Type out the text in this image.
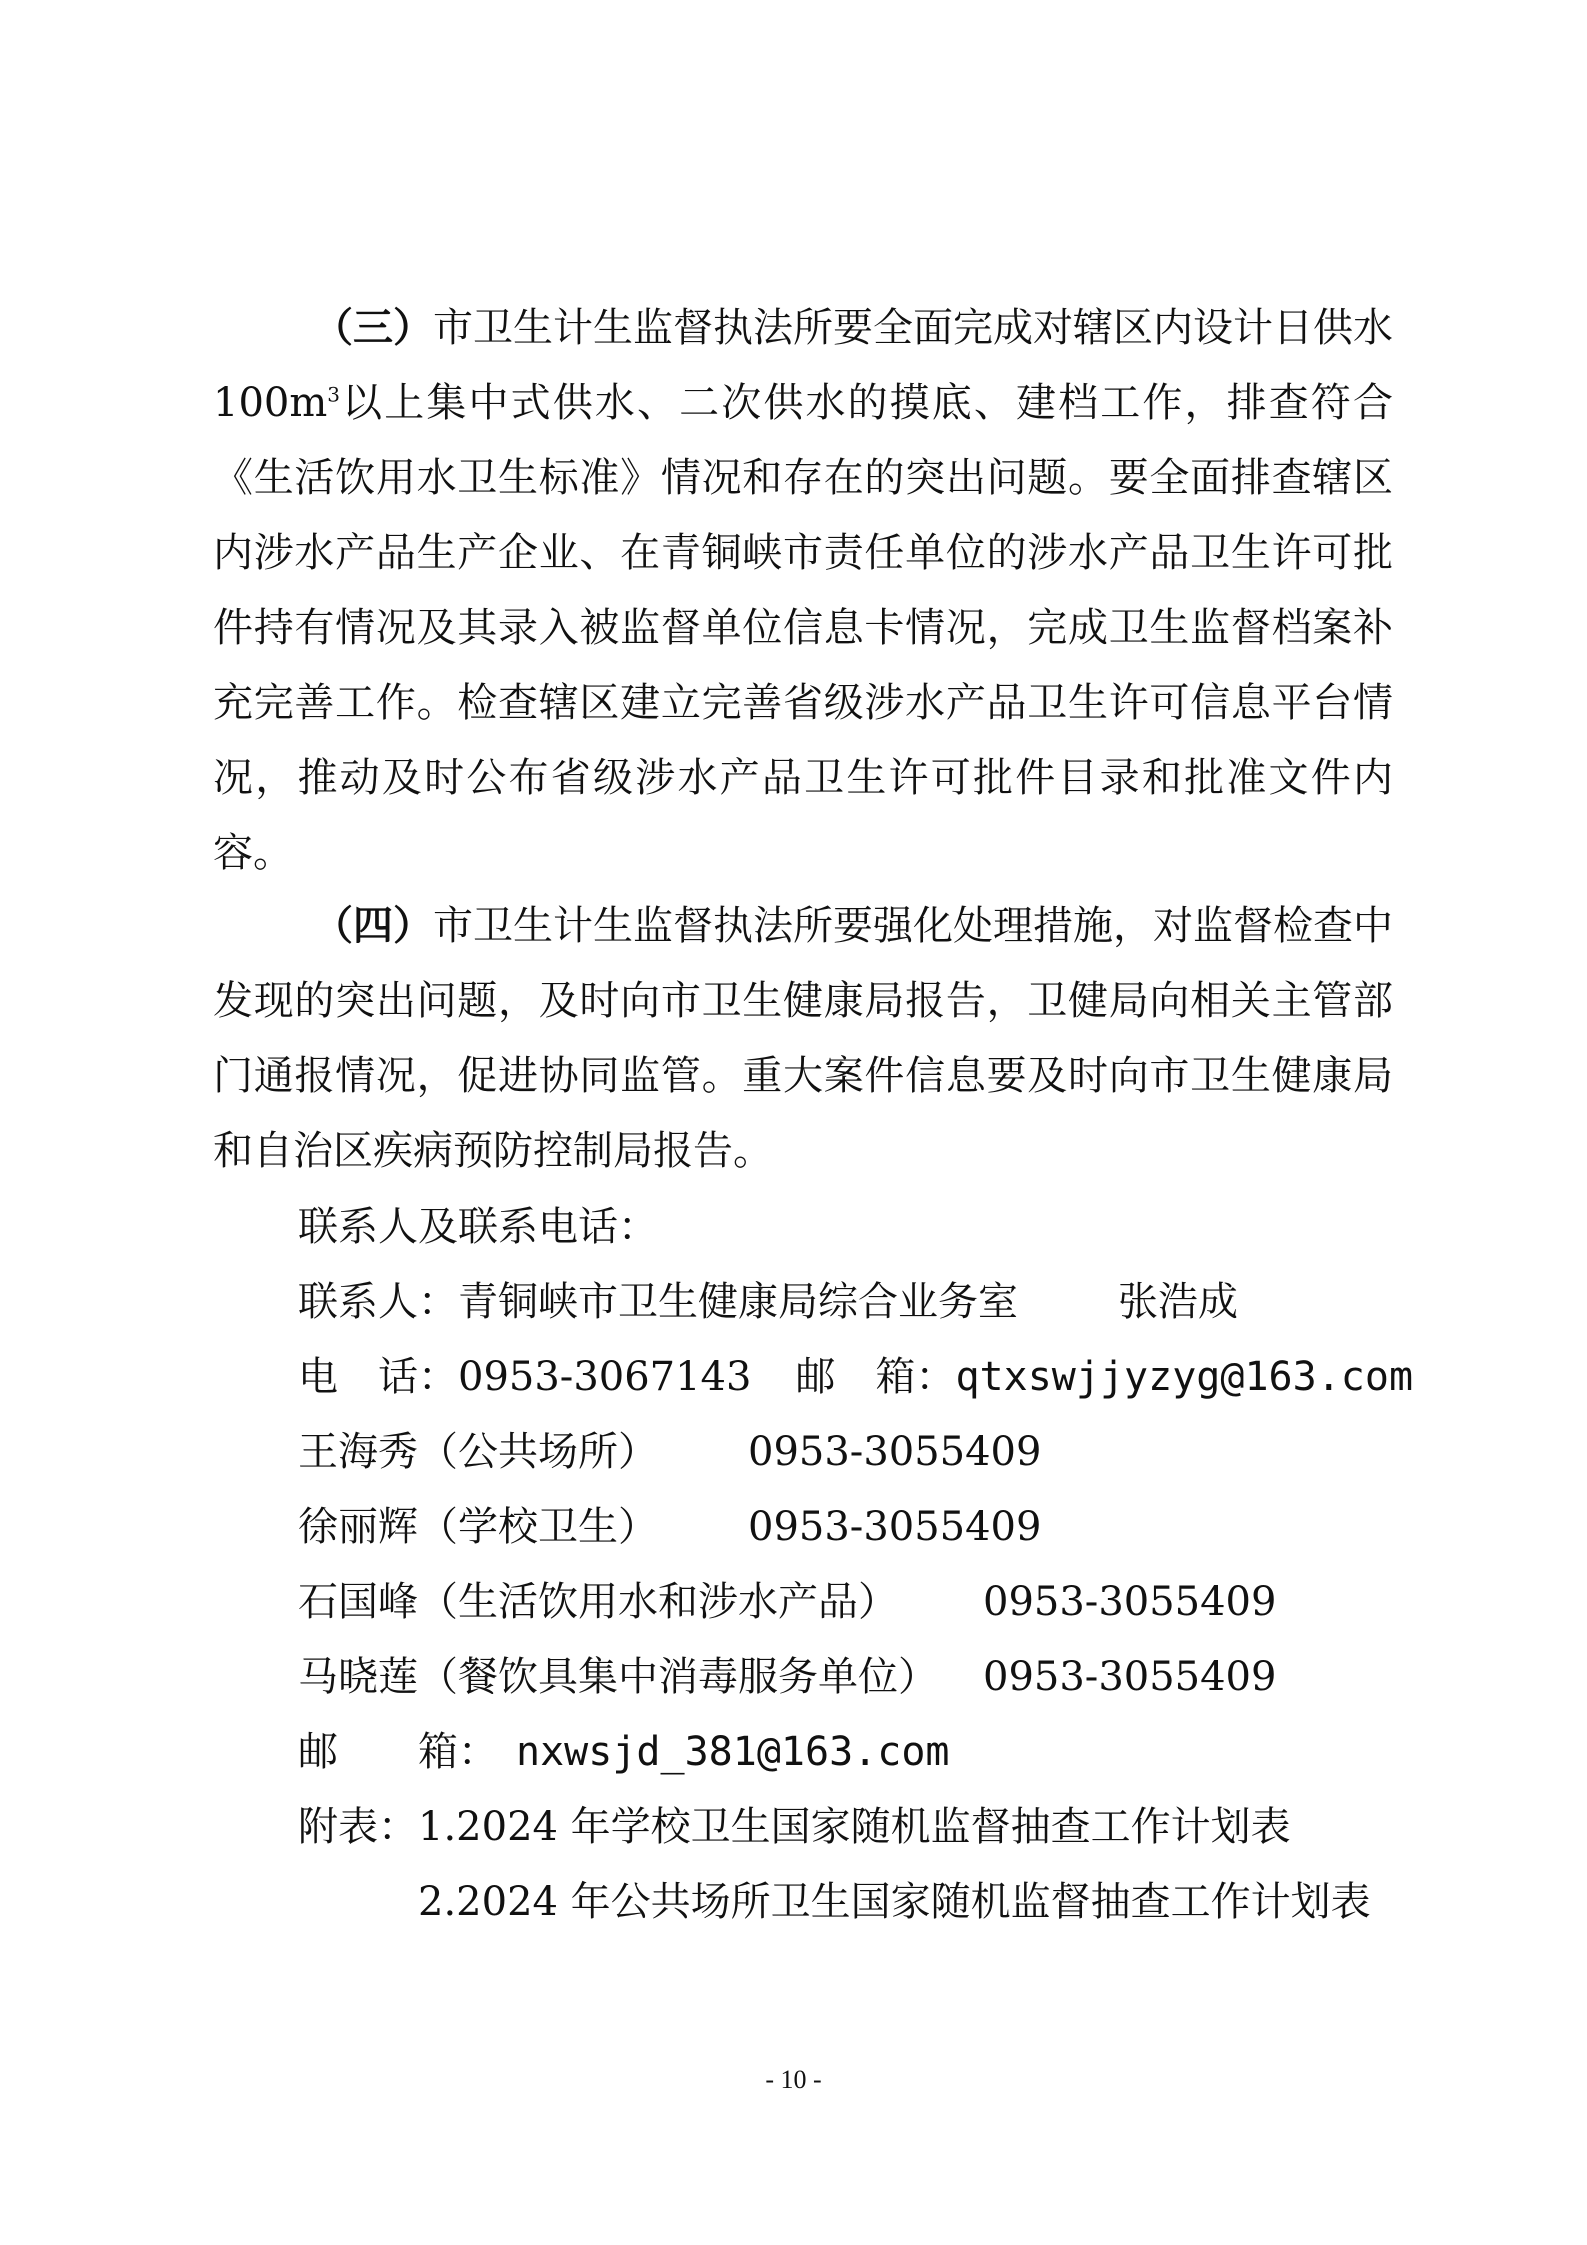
（三）市卫生计生监督执法所要全面完成对辖区内设计日供水 $100m^3$以上集中式供水、二次供水的摸底、建档工作，排查符合《生活饮用水卫生标准》情况和存在的突出问题。要全面排查辖区内涉水产品生产企业、在青铜峡市责任单位的涉水产品卫生许可批件持有情况及其录入被监督单位信息卡情况，完成卫生监督档案补充完善工作。检查辖区建立完善省级涉水产品卫生许可信息平台情况，推动及时公布省级涉水产品卫生许可批件目录和批准文件内容。
（四）市卫生计生监督执法所要强化处理措施，对监督检查中发现的突出问题，及时向市卫生健康局报告，卫健局向相关主管部门通报情况，促进协同监管。重大案件信息要及时向市卫生健康局和自治区疾病预防控制局报告。
联系人及联系电话：
联系人：青铜峡市卫生健康局综合业务室	张浩成
电　话：0953-3067143 邮　箱：qtxswjjyzyg@163.com
王海秀（公共场所） 0953-3055409
徐丽辉（学校卫生） 0953-3055409
石国峰（生活饮用水和涉水产品） 0953-3055409
马晓莲（餐饮具集中消毒服务单位） 0953-3055409
邮　　箱： nxwsjd_381@163.com
附表：1.2024 年学校卫生国家随机监督抽查工作计划表
2.2024 年公共场所卫生国家随机监督抽查工作计划表
- 10 -
